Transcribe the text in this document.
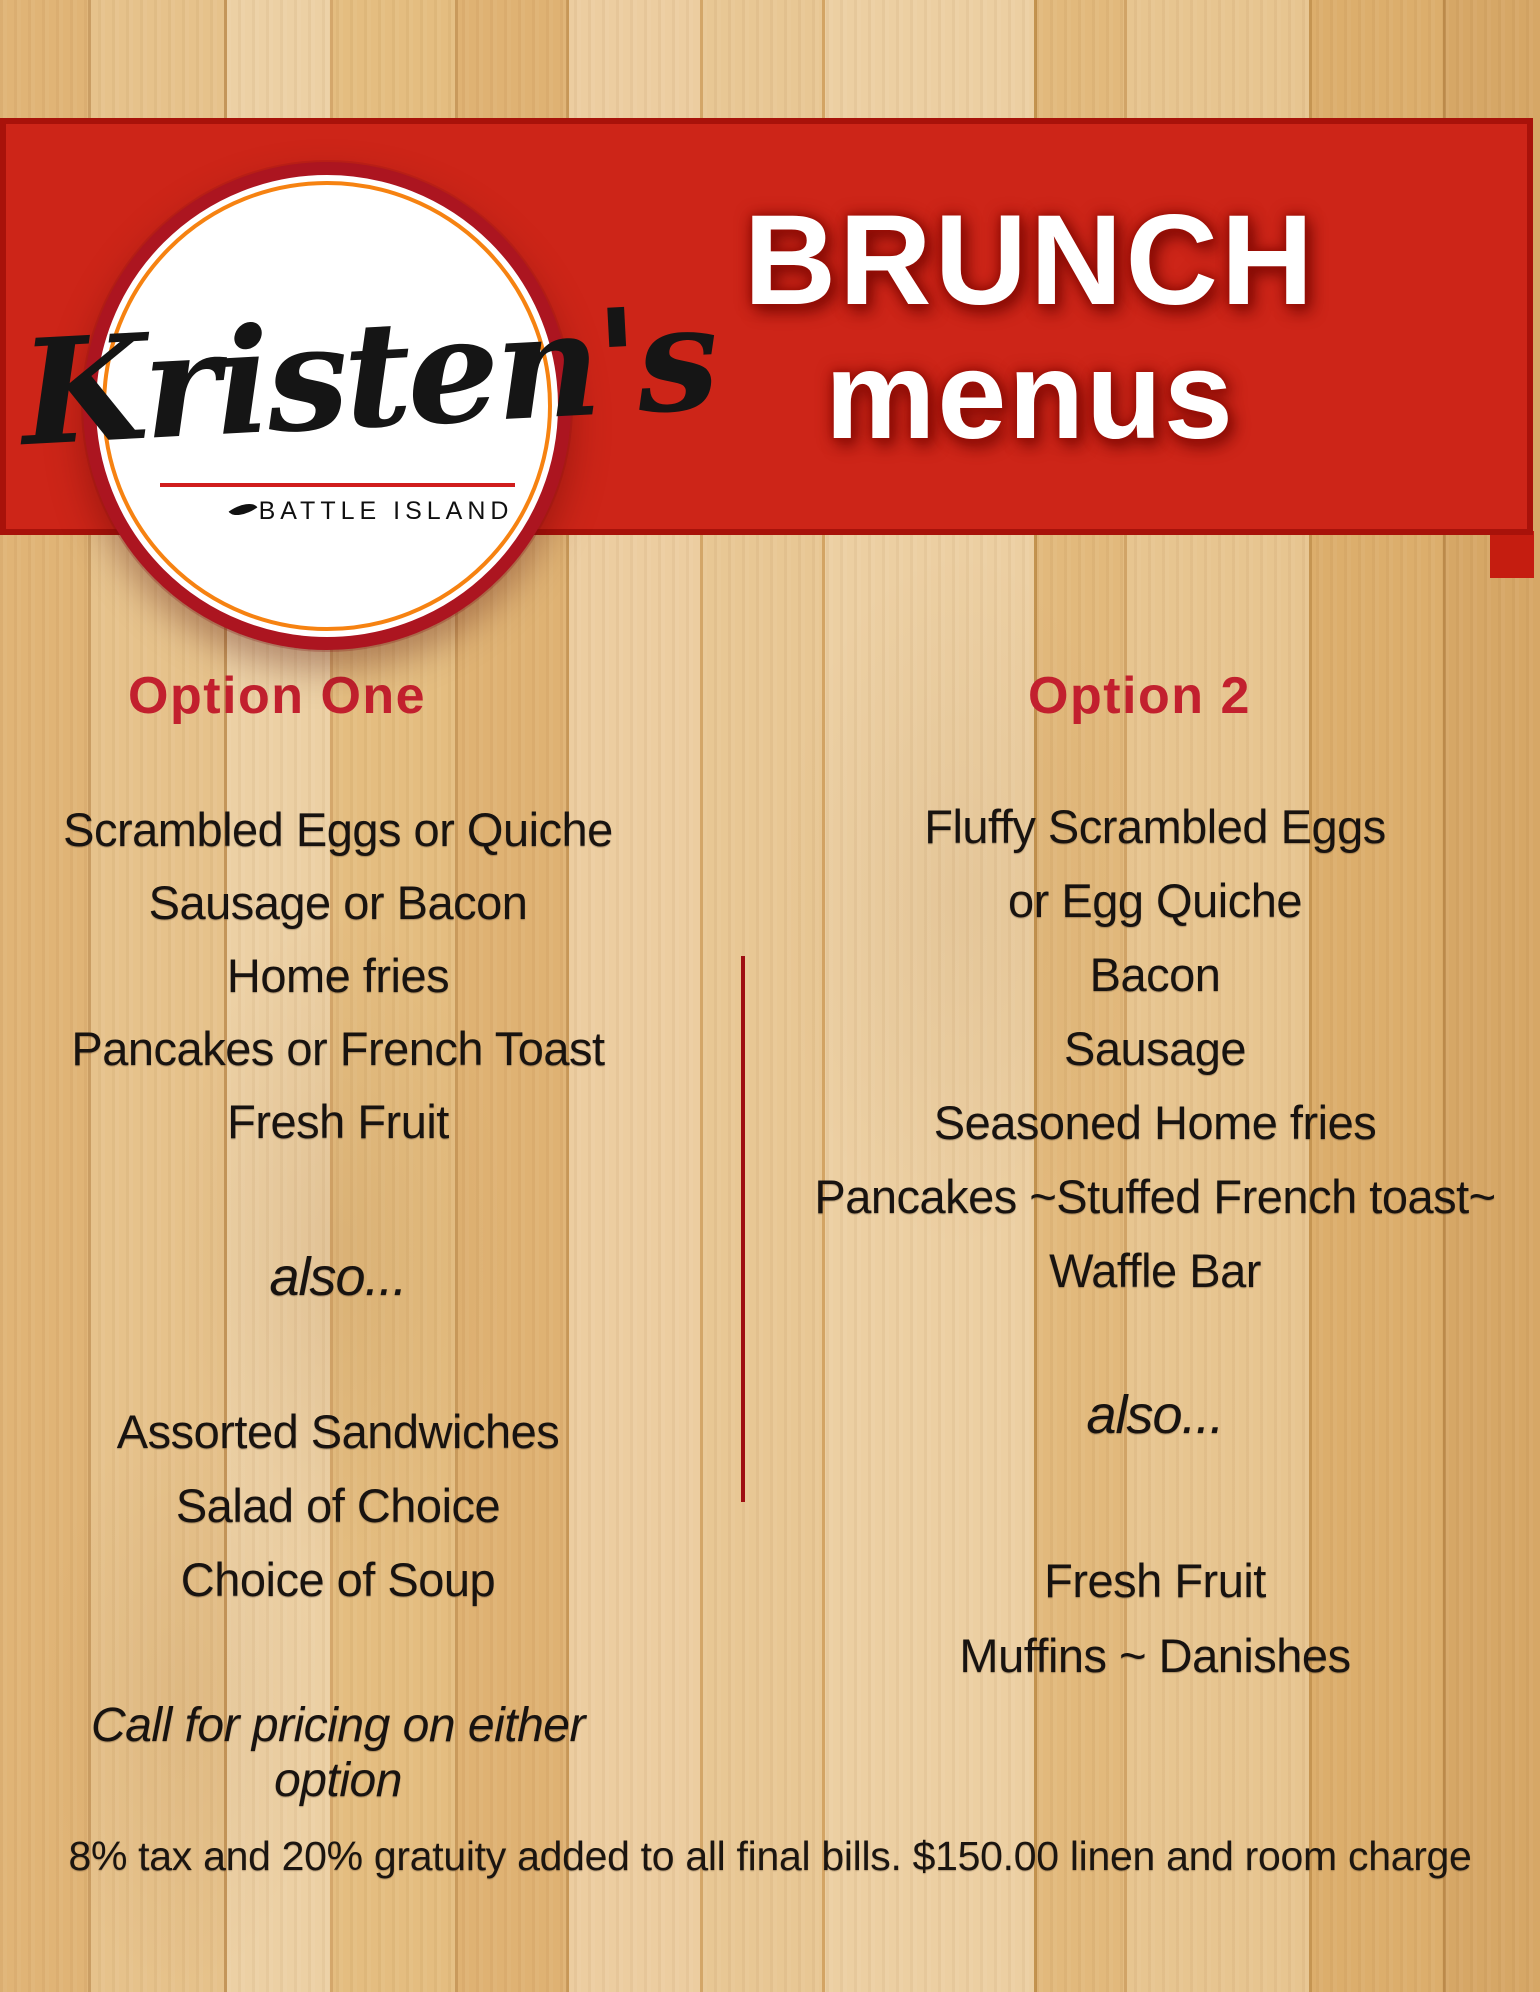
BRUNCH
menus
Kristen's
BATTLE ISLAND
Option One	Option 2
Scrambled Eggs or Quiche
Sausage or Bacon
Home fries
Pancakes or French Toast
Fresh Fruit
also...
Assorted Sandwiches
Salad of Choice
Choice of Soup
Call for pricing on either option
Fluffy Scrambled Eggs
or Egg Quiche
Bacon
Sausage
Seasoned Home fries
Pancakes ~Stuffed French toast~
Waffle Bar
also...
Fresh Fruit
Muffins ~ Danishes
8% tax and 20% gratuity added to all final bills. $150.00 linen and room charge
